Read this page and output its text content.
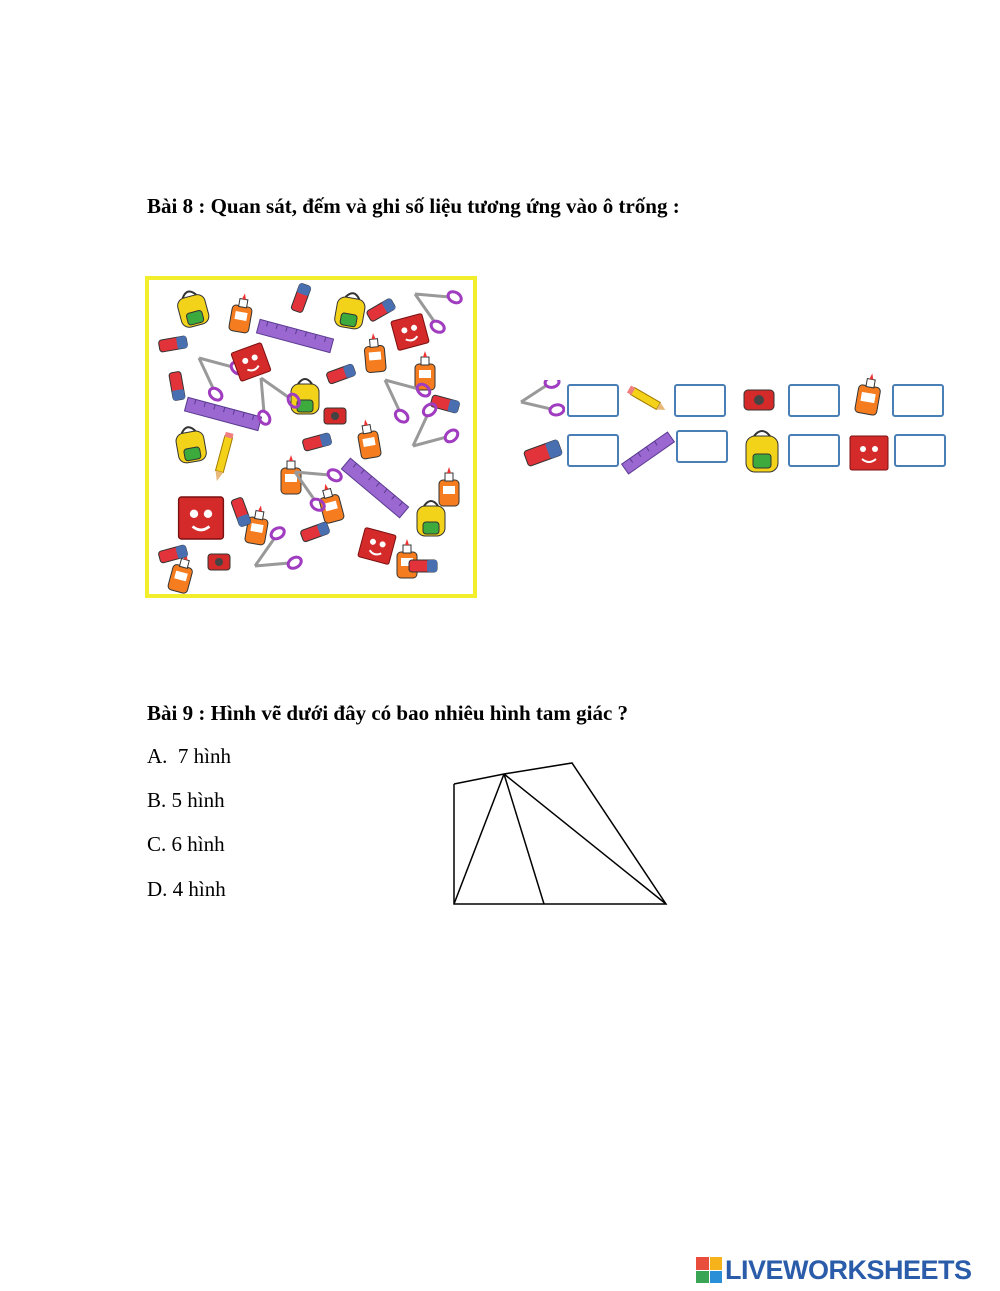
Bài 8 : Quan sát, đếm và ghi số liệu tương ứng vào ô trống :
Bài 9 : Hình vẽ dưới đây có bao nhiêu hình tam giác ?
A.  7 hình
B. 5 hình
C. 6 hình
D. 4 hình
LIVEWORKSHEETS
